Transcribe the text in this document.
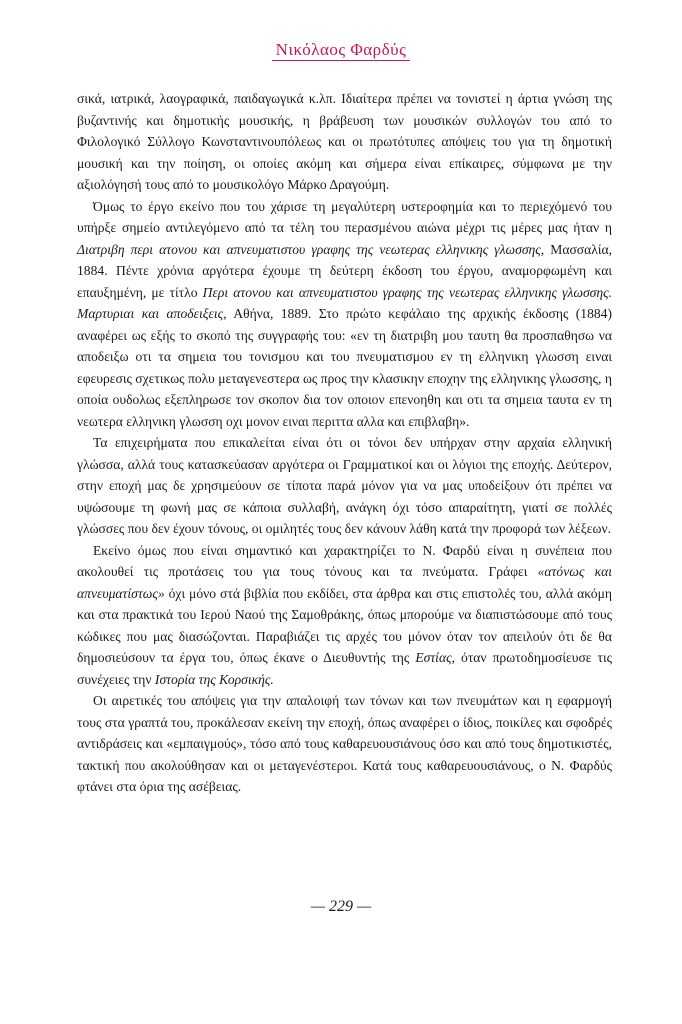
Νικόλαος Φαρδύς

σικά, ιατρικά, λαογραφικά, παιδαγωγικά κ.λπ. Ιδιαίτερα πρέπει να τονιστεί η άρτια γνώση της βυζαντινής και δημοτικής μουσικής, η βράβευση των μουσικών συλλογών του από το Φιλολογικό Σύλλογο Κωνσταντινουπόλεως και οι πρωτότυπες απόψεις του για τη δημοτική μουσική και την ποίηση, οι οποίες ακόμη και σήμερα είναι επίκαιρες, σύμφωνα με την αξιολόγησή τους από το μουσικολόγο Μάρκο Δραγούμη.

Όμως το έργο εκείνο που του χάρισε τη μεγαλύτερη υστεροφημία και το περιεχόμενό του υπήρξε σημείο αντιλεγόμενο από τα τέλη του περασμένου αιώνα μέχρι τις μέρες μας ήταν η Διατριβη περι ατονου και απνευματιστου γραφης της νεωτερας ελληνικης γλωσσης, Μασσαλία, 1884. Πέντε χρόνια αργότερα έχουμε τη δεύτερη έκδοση του έργου, αναμορφωμένη και επαυξημένη, με τίτλο Περι ατονου και απνευματιστου γραφης της νεωτερας ελληνικης γλωσσης. Μαρτυριαι και αποδειξεις, Αθήνα, 1889. Στο πρώτο κεφάλαιο της αρχικής έκδοσης (1884) αναφέρει ως εξής το σκοπό της συγγραφής του: «εν τη διατριβη μου ταυτη θα προσπαθησω να αποδειξω οτι τα σημεια του τονισμου και του πνευματισμου εν τη ελληνικη γλωσση ειναι εφευρεσις σχετικως πολυ μεταγενεστερα ως προς την κλασικην εποχην της ελληνικης γλωσσης, η οποία ουδολως εξεπληρωσε τον σκοπον δια τον οποιον επενοηθη και οτι τα σημεια ταυτα εν τη νεωτερα ελληνικη γλωσση οχι μονον ειναι περιττα αλλα και επιβλαβη».

Τα επιχειρήματα που επικαλείται είναι ότι οι τόνοι δεν υπήρχαν στην αρχαία ελληνική γλώσσα, αλλά τους κατασκεύασαν αργότερα οι Γραμματικοί και οι λόγιοι της εποχής. Δεύτερον, στην εποχή μας δε χρησιμεύουν σε τίποτα παρά μόνον για να μας υποδείξουν ότι πρέπει να υψώσουμε τη φωνή μας σε κάποια συλλαβή, ανάγκη όχι τόσο απαραίτητη, γιατί σε πολλές γλώσσες που δεν έχουν τόνους, οι ομιλητές τους δεν κάνουν λάθη κατά την προφορά των λέξεων.

Εκείνο όμως που είναι σημαντικό και χαρακτηρίζει το Ν. Φαρδύ είναι η συνέπεια που ακολουθεί τις προτάσεις του για τους τόνους και τα πνεύματα. Γράφει «ατόνως και απνευματίστως» όχι μόνο στά βιβλία που εκδίδει, στα άρθρα και στις επιστολές του, αλλά ακόμη και στα πρακτικά του Ιερού Ναού της Σαμοθράκης, όπως μπορούμε να διαπιστώσουμε από τους κώδικες που μας διασώζονται. Παραβιάζει τις αρχές του μόνον όταν τον απειλούν ότι δε θα δημοσιεύσουν τα έργα του, όπως έκανε ο Διευθυντής της Εστίας, όταν πρωτοδημοσίευσε τις συνέχειες την Ιστορία της Κορσικής.

Οι αιρετικές του απόψεις για την απαλοιφή των τόνων και των πνευμάτων και η εφαρμογή τους στα γραπτά του, προκάλεσαν εκείνη την εποχή, όπως αναφέρει ο ίδιος, ποικίλες και σφοδρές αντιδράσεις και «εμπαιγμούς», τόσο από τους καθαρευουσιάνους όσο και από τους δημοτικιστές, τακτική που ακολούθησαν και οι μεταγενέστεροι. Κατά τους καθαρευουσιάνους, ο Ν. Φαρδύς φτάνει στα όρια της ασέβειας.

— 229 —
